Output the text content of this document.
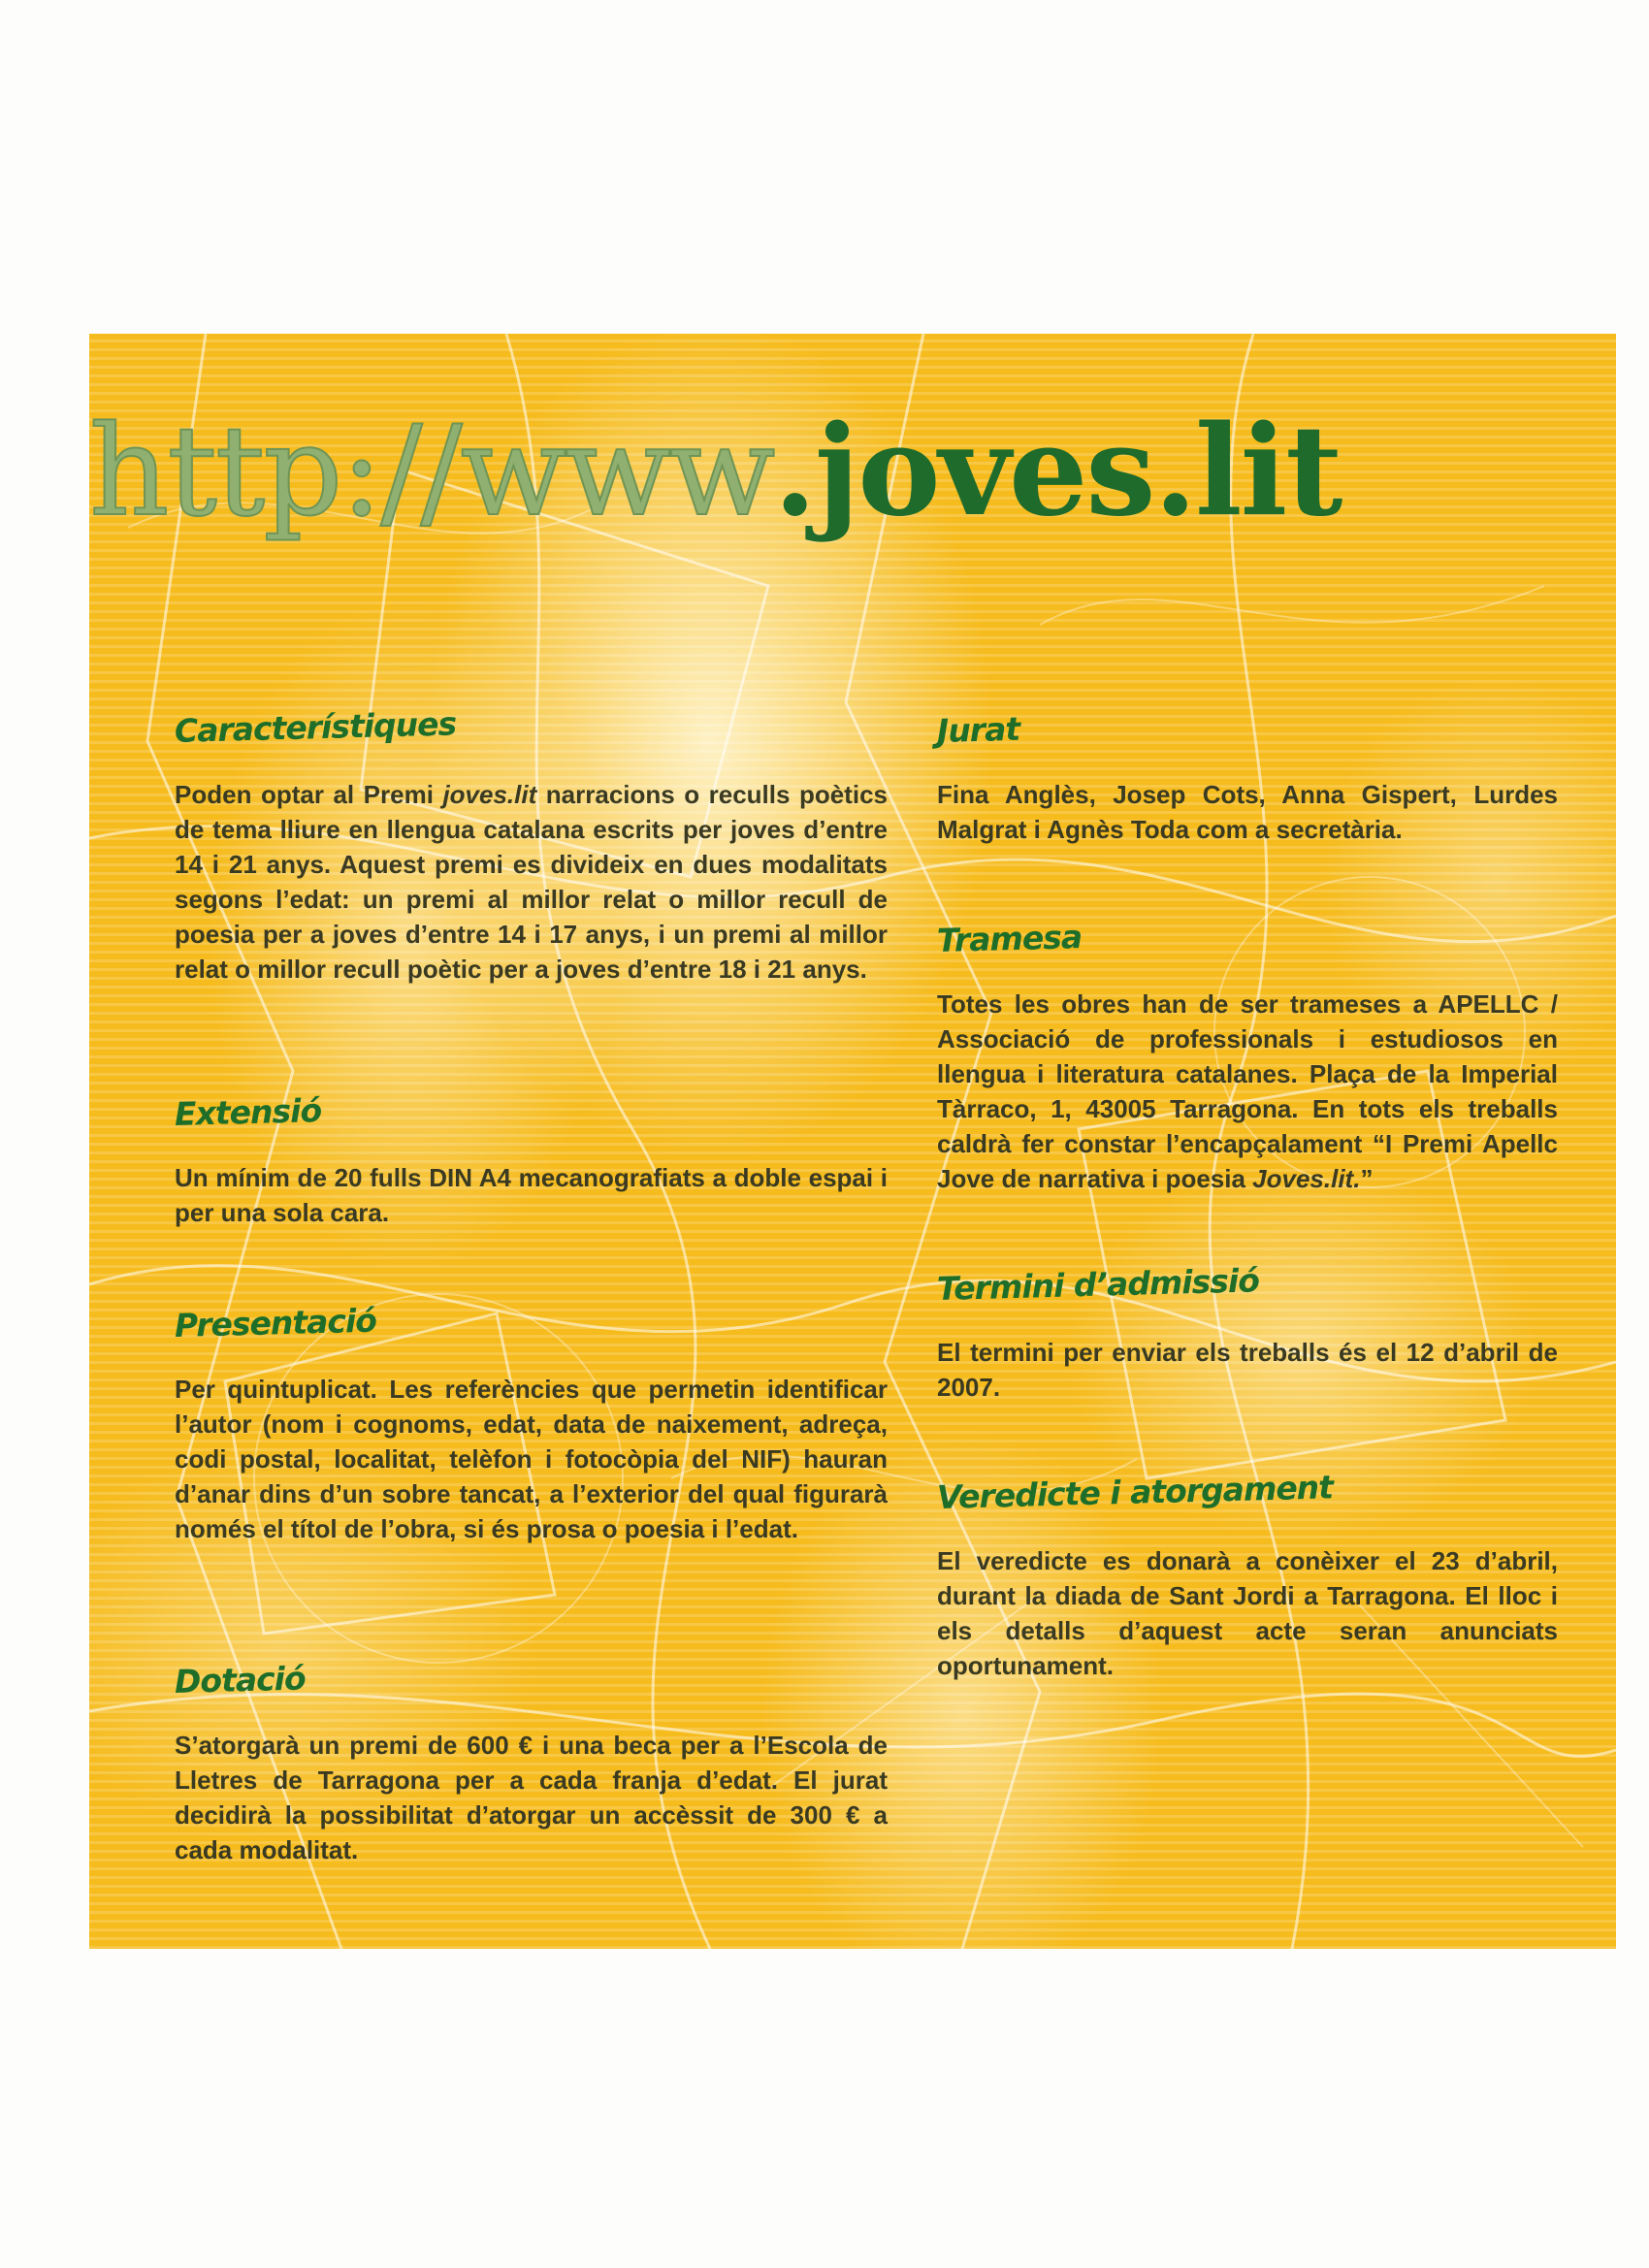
http://www.joves.lit
Característiques

Poden optar al Premi joves.lit narracions o reculls poètics de tema lliure en llengua catalana escrits per joves d’entre 14 i 21 anys. Aquest premi es divideix en dues modalitats segons l’edat: un premi al millor relat o millor recull de poesia per a joves d’entre 14 i 17 anys, i un premi al millor relat o millor recull poètic per a joves d’entre 18 i 21 anys.

Extensió

Un mínim de 20 fulls DIN A4 mecanografiats a doble espai i per una sola cara.

Presentació

Per quintuplicat. Les referències que permetin identificar l’autor (nom i cognoms, edat, data de naixement, adreça, codi postal, localitat, telèfon i fotocòpia del NIF) hauran d’anar dins d’un sobre tancat, a l’exterior del qual figurarà només el títol de l’obra, si és prosa o poesia i l’edat.

Dotació

S’atorgarà un premi de 600 € i una beca per a l’Escola de Lletres de Tarragona per a cada franja d’edat. El jurat decidirà la possibilitat d’atorgar un accèssit de 300 € a cada modalitat.

Jurat

Fina Anglès, Josep Cots, Anna Gispert, Lurdes Malgrat i Agnès Toda com a secretària.

Tramesa

Totes les obres han de ser trameses a APELLC / Associació de professionals i estudiosos en llengua i literatura catalanes. Plaça de la Imperial Tàrraco, 1, 43005 Tarragona. En tots els treballs caldrà fer constar l’encapçalament “I Premi Apellc Jove de narrativa i poesia Joves.lit.”

Termini d’admissió

El termini per enviar els treballs és el 12 d’abril de 2007.

Veredicte i atorgament

El veredicte es donarà a conèixer el 23 d’abril, durant la diada de Sant Jordi a Tarragona. El lloc i els detalls d’aquest acte seran anunciats oportunament.
